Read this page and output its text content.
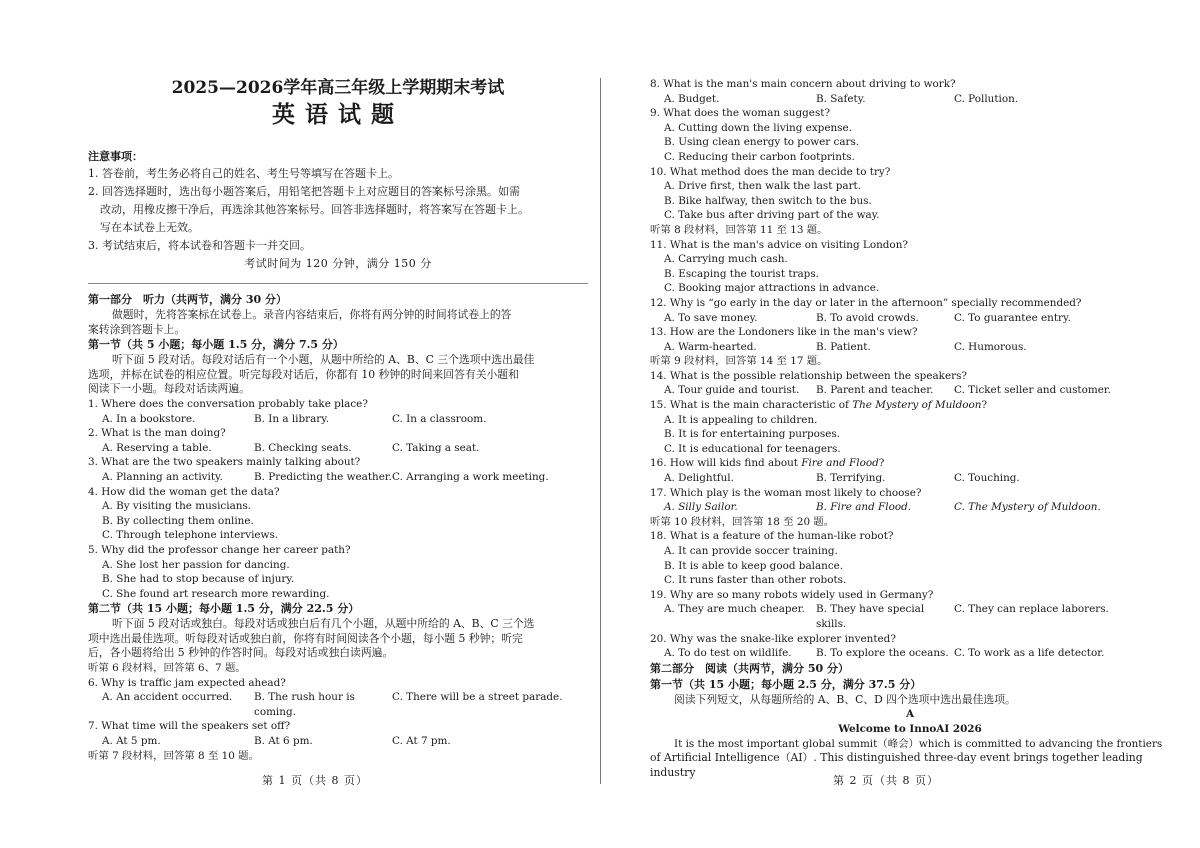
2025—2026学年高三年级上学期期末考试
英语试题
注意事项：
1. 答卷前，考生务必将自己的姓名、考生号等填写在答题卡上。
2. 回答选择题时，选出每小题答案后，用铅笔把答题卡上对应题目的答案标号涂黑。如需
改动，用橡皮擦干净后，再选涂其他答案标号。回答非选择题时，将答案写在答题卡上。
写在本试卷上无效。
3. 考试结束后，将本试卷和答题卡一并交回。
考试时间为 120 分钟，满分 150 分
第一部分　听力（共两节，满分 30 分）
做题时，先将答案标在试卷上。录音内容结束后，你将有两分钟的时间将试卷上的答
案转涂到答题卡上。
第一节（共 5 小题；每小题 1.5 分，满分 7.5 分）
听下面 5 段对话。每段对话后有一个小题，从题中所给的 A、B、C 三个选项中选出最佳
选项，并标在试卷的相应位置。听完每段对话后，你都有 10 秒钟的时间来回答有关小题和
阅读下一小题。每段对话读两遍。
1. Where does the conversation probably take place?
A. In a bookstore.	B. In a library.	C. In a classroom.
2. What is the man doing?
A. Reserving a table.	B. Checking seats.	C. Taking a seat.
3. What are the two speakers mainly talking about?
A. Planning an activity.	B. Predicting the weather. C. Arranging a work meeting.
4. How did the woman get the data?
A. By visiting the musicians.
B. By collecting them online.
C. Through telephone interviews.
5. Why did the professor change her career path?
A. She lost her passion for dancing.
B. She had to stop because of injury.
C. She found art research more rewarding.
第二节（共 15 小题；每小题 1.5 分，满分 22.5 分）
听下面 5 段对话或独白。每段对话或独白后有几个小题，从题中所给的 A、B、C 三个选
项中选出最佳选项。听每段对话或独白前，你将有时间阅读各个小题，每小题 5 秒钟；听完
后，各小题将给出 5 秒钟的作答时间。每段对话或独白读两遍。
听第 6 段材料，回答第 6、7 题。
6. Why is traffic jam expected ahead?
A. An accident occurred.	B. The rush hour is coming.
C. There will be a street parade.
7. What time will the speakers set off?
A. At 5 pm.	B. At 6 pm.	C. At 7 pm.
听第 7 段材料，回答第 8 至 10 题。
第 1 页（共 8 页）
8. What is the man's main concern about driving to work?
A. Budget.	B. Safety.	C. Pollution.
9. What does the woman suggest?
A. Cutting down the living expense.
B. Using clean energy to power cars.
C. Reducing their carbon footprints.
10. What method does the man decide to try?
A. Drive first, then walk the last part.
B. Bike halfway, then switch to the bus.
C. Take bus after driving part of the way.
听第 8 段材料，回答第 11 至 13 题。
11. What is the man's advice on visiting London?
A. Carrying much cash.
B. Escaping the tourist traps.
C. Booking major attractions in advance.
12. Why is “go early in the day or later in the afternoon” specially recommended?
A. To save money.	B. To avoid crowds.	C. To guarantee entry.
13. How are the Londoners like in the man's view?
A. Warm-hearted.	B. Patient.	C. Humorous.
听第 9 段材料，回答第 14 至 17 题。
14. What is the possible relationship between the speakers?
A. Tour guide and tourist.	B. Parent and teacher.	C. Ticket seller and customer.
15. What is the main characteristic of The Mystery of Muldoon?
A. It is appealing to children.
B. It is for entertaining purposes.
C. It is educational for teenagers.
16. How will kids find about Fire and Flood?
A. Delightful.	B. Terrifying.	C. Touching.
17. Which play is the woman most likely to choose?
A. Silly Sailor.	B. Fire and Flood.	C. The Mystery of Muldoon.
听第 10 段材料，回答第 18 至 20 题。
18. What is a feature of the human-like robot?
A. It can provide soccer training.
B. It is able to keep good balance.
C. It runs faster than other robots.
19. Why are so many robots widely used in Germany?
A. They are much cheaper.	B. They have special skills.
C. They can replace laborers.
20. Why was the snake-like explorer invented?
A. To do test on wildlife.	B. To explore the oceans. C. To work as a life detector.
第二部分　阅读（共两节，满分 50 分）
第一节（共 15 小题；每小题 2.5 分，满分 37.5 分）
阅读下列短文，从每题所给的 A、B、C、D 四个选项中选出最佳选项。
A
Welcome to InnoAI 2026
It is the most important global summit（峰会）which is committed to advancing the frontiers
of Artificial Intelligence（AI）. This distinguished three-day event brings together leading industry
第 2 页（共 8 页）
